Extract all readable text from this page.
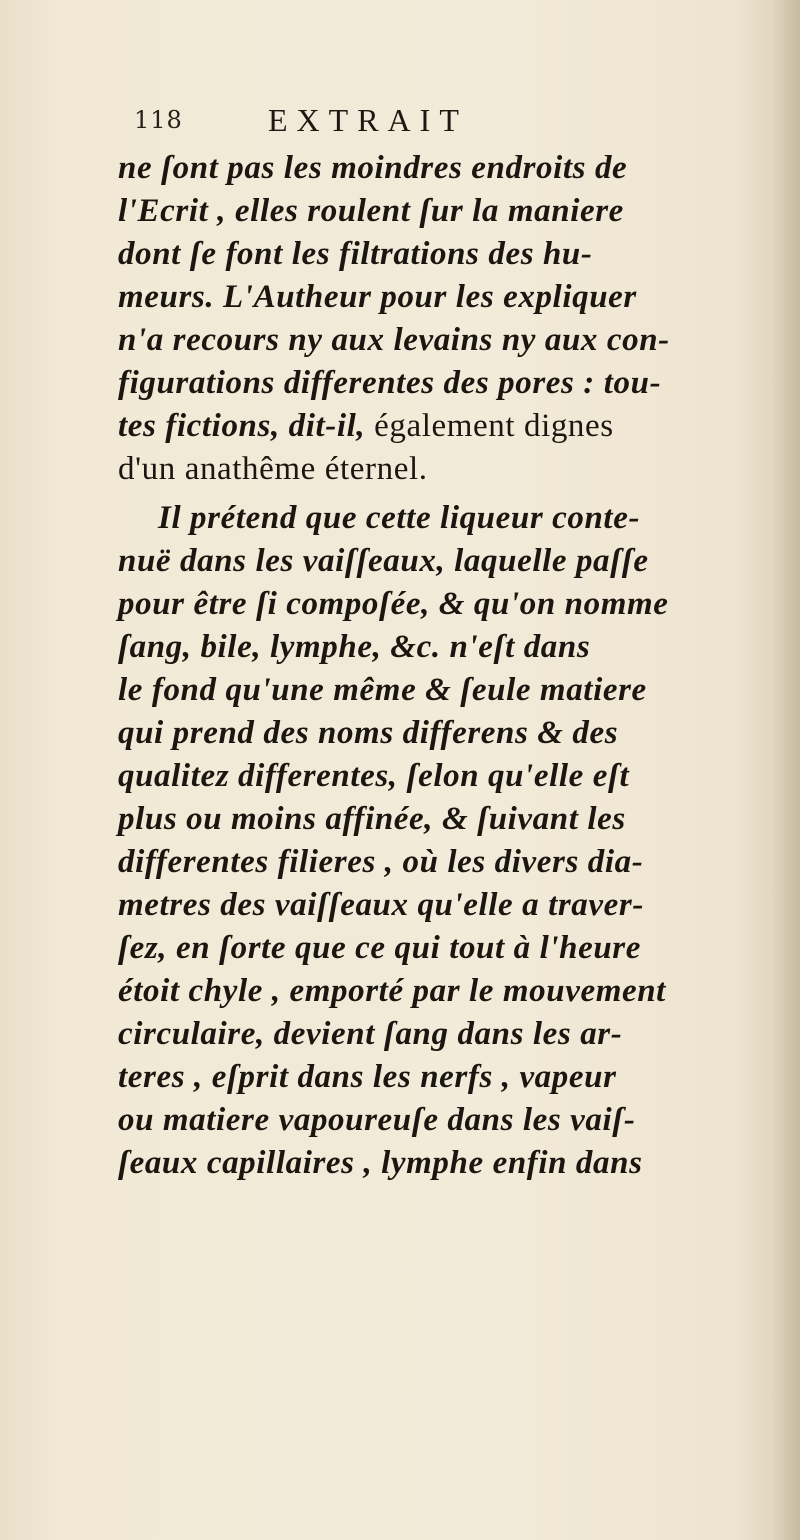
118	EXTRAIT
ne ſont pas les moindres endroits de
l'Ecrit , elles roulent ſur la maniere
dont ſe font les filtrations des hu-
meurs. L'Autheur pour les expliquer
n'a recours ny aux levains ny aux con-
figurations differentes des pores : tou-
tes fictions, dit-il, également dignes
d'un anathême éternel.
Il prétend que cette liqueur conte-
nuë dans les vaiſſeaux, laquelle paſſe
pour être ſi compoſée, & qu'on nomme
ſang, bile, lymphe, &c. n'eſt dans
le fond qu'une même & ſeule matiere
qui prend des noms differens & des
qualitez differentes, ſelon qu'elle eſt
plus ou moins affinée, & ſuivant les
differentes filieres , où les divers dia-
metres des vaiſſeaux qu'elle a traver-
ſez, en ſorte que ce qui tout à l'heure
étoit chyle , emporté par le mouvement
circulaire, devient ſang dans les ar-
teres , eſprit dans les nerfs , vapeur
ou matiere vapoureuſe dans les vaiſ-
ſeaux capillaires , lymphe enfin dans
